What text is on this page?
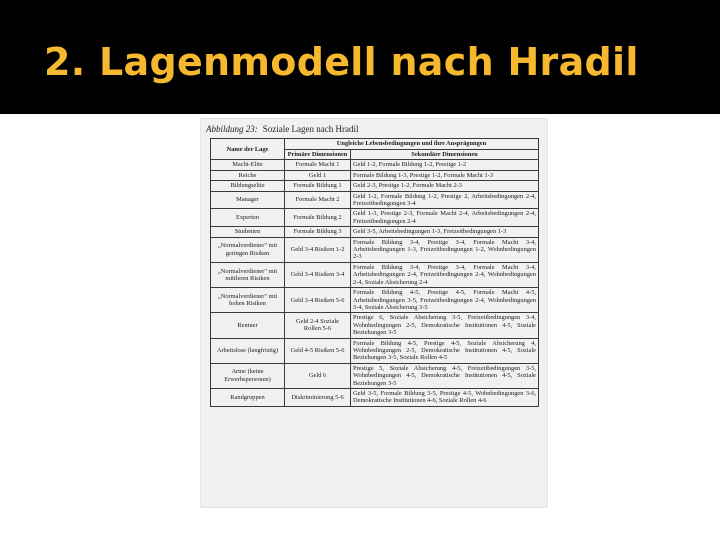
2. Lagenmodell nach Hradil
Abbildung 23: Soziale Lagen nach Hradil
Name der Lage	Ungleiche Lebensbedingungen und ihre Ausprägungen	
	Primäre Dimensionen	Sekundäre Dimensionen
Macht-Elite	Formale Macht 1	Geld 1-2, Formale Bildung 1-2, Prestige 1-2
Reiche	Geld 1	Formale Bildung 1-3, Prestige 1-2, Formale Macht 1-3
Bildungselite	Formale Bildung 1	Geld 2-3, Prestige 1-2, Formale Macht 2-3
Manager	Formale Macht 2	Geld 1-2, Formale Bildung 1-2, Prestige 2, Arbeitsbedingungen 2-4, Freizeitbedingungen 3-4
Experten	Formale Bildung 2	Geld 1-3, Prestige 2-3, Formale Macht 2-4, Arbeitsbedingungen 2-4, Freizeitbedingungen 2-4
Studenten	Formale Bildung 3	Geld 3-5, Arbeitsbedingungen 1-3, Freizeitbedingungen 1-3
„Normalverdiener" mit geringen Risiken	Geld 3-4 Risiken 1-2	Formale Bildung 3-4, Prestige 3-4, Formale Macht 3-4, Arbeitsbedingungen 1-3, Freizeitbedingungen 1-2, Wohnbedingungen 2-3
„Normalverdiener" mit mittleren Risiken	Geld 3-4 Risiken 3-4	Formale Bildung 3-4, Prestige 3-4, Formale Macht 3-4, Arbeitsbedingungen 2-4, Freizeitbedingungen 2-4, Wohnbedingungen 2-4, Soziale Absicherung 2-4
„Normalverdiener" mit hohen Risiken	Geld 3-4 Risiken 5-6	Formale Bildung 4-5, Prestige 4-5, Formale Macht 4-5, Arbeitsbedingungen 3-5, Freizeitbedingungen 2-4, Wohnbedingungen 3-4, Soziale Absicherung 3-5
Rentner	Geld 2-4 Soziale Rollen 5-6	Prestige 6, Soziale Absicherung 3-5, Freizeitbedingungen 3-4, Wohnbedingungen 2-5, Demokratische Institutionen 4-5, Soziale Beziehungen 3-5
Arbeitslose (langfristig)	Geld 4-5 Risiken 5-6	Formale Bildung 4-5, Prestige 4-5, Soziale Absicherung 4, Wohnbedingungen 2-5, Demokratische Institutionen 4-5, Soziale Beziehungen 3-5, Soziale Rollen 4-5
Arme (keine Erwerbspersonen)	Geld 6	Prestige 5, Soziale Absicherung 4-5, Freizeitbedingungen 3-5, Wohnbedingungen 4-5, Demokratische Institutionen 4-5, Soziale Beziehungen 3-5
Randgruppen	Diskriminierung 5-6	Geld 3-5, Formale Bildung 3-5, Prestige 4-5, Wohnbedingungen 3-6, Demokratische Institutionen 4-6, Soziale Rollen 4-6
